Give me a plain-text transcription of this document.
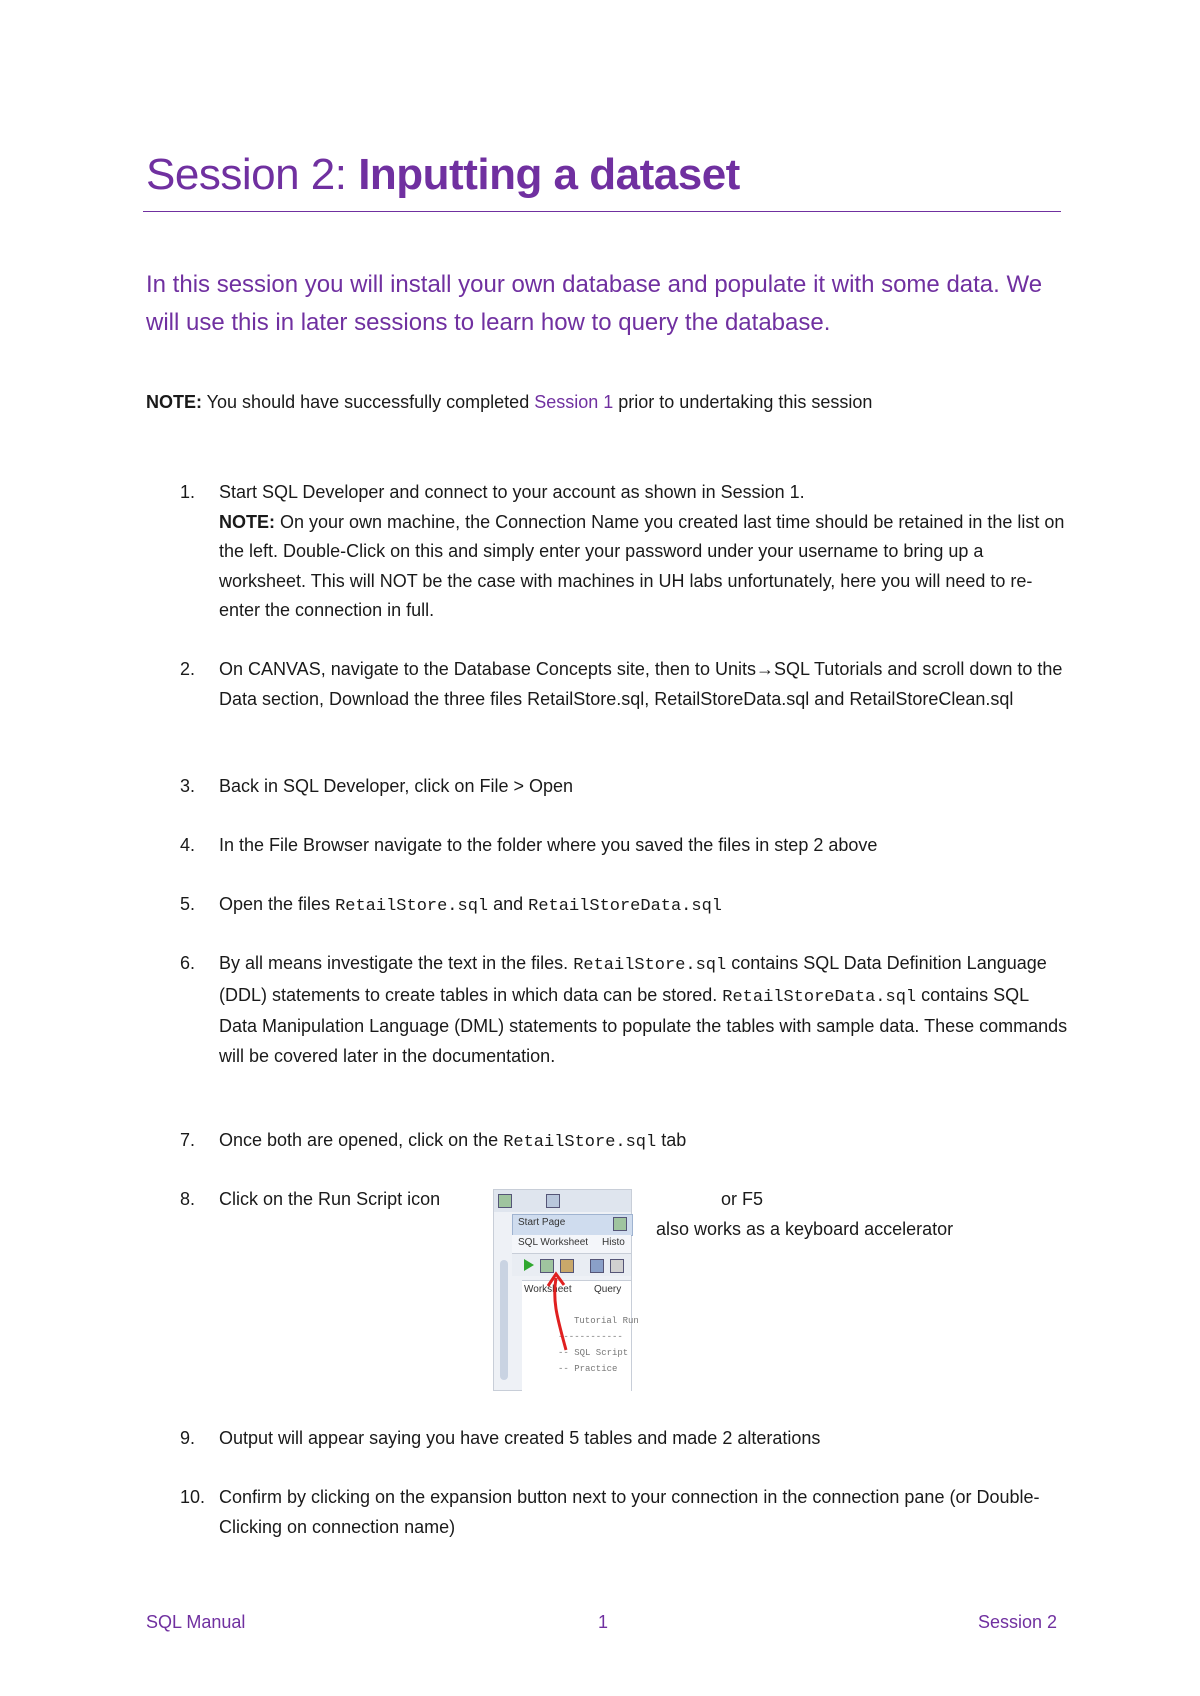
Session 2: Inputting a dataset
In this session you will install your own database and populate it with some data. We will use this in later sessions to learn how to query the database.
NOTE: You should have successfully completed Session 1 prior to undertaking this session
1.	Start SQL Developer and connect to your account as shown in Session 1.
NOTE: On your own machine, the Connection Name you created last time should be retained in the list on the left. Double-Click on this and simply enter your password under your username to bring up a worksheet. This will NOT be the case with machines in UH labs unfortunately, here you will need to re-enter the connection in full.
2.	On CANVAS, navigate to the Database Concepts site, then to Units→SQL Tutorials and scroll down to the Data section, Download the three files RetailStore.sql, RetailStoreData.sql and RetailStoreClean.sql
3.	Back in SQL Developer, click on File > Open
4.	In the File Browser navigate to the folder where you saved the files in step 2 above
5.	Open the files RetailStore.sql and RetailStoreData.sql
6.	By all means investigate the text in the files. RetailStore.sql contains SQL Data Definition Language (DDL) statements to create tables in which data can be stored. RetailStoreData.sql contains SQL Data Manipulation Language (DML) statements to populate the tables with sample data. These commands will be covered later in the documentation.
7.	Once both are opened, click on the RetailStore.sql tab
8.	Click on the Run Script icon	or F5
also works as a keyboard accelerator
Start Page
SQL Worksheet Histo
Worksheet Query
Tutorial Run
------------
-- SQL Script
-- Practice
9.	Output will appear saying you have created 5 tables and made 2 alterations
10. Confirm by clicking on the expansion button next to your connection in the connection pane (or Double-Clicking on connection name)
SQL Manual	1	Session 2
